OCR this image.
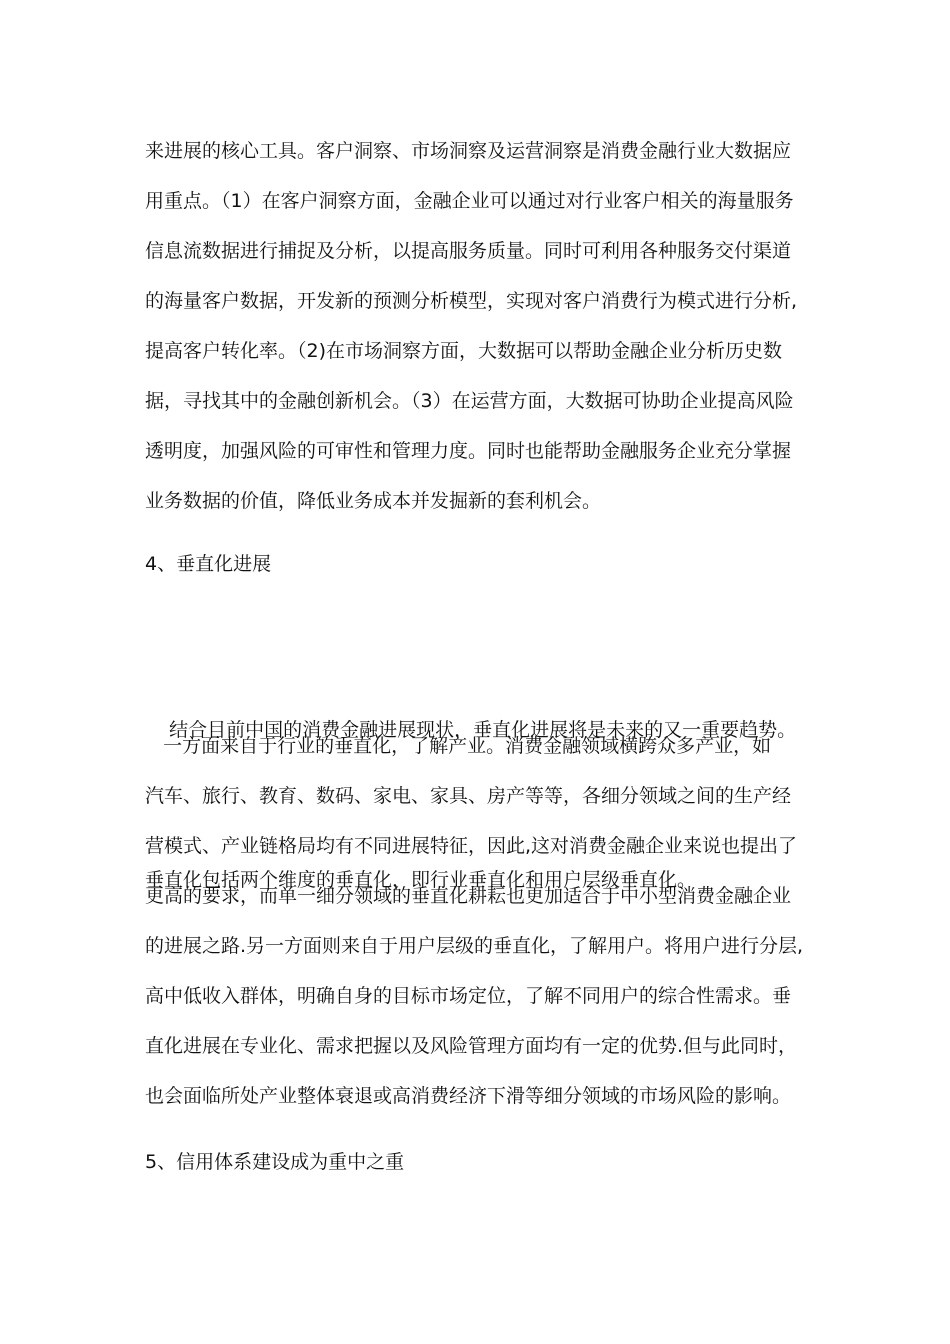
来进展的核心工具。客户洞察、市场洞察及运营洞察是消费金融行业大数据应
用重点。（1）在客户洞察方面，金融企业可以通过对行业客户相关的海量服务
信息流数据进行捕捉及分析，以提高服务质量。同时可利用各种服务交付渠道
的海量客户数据，开发新的预测分析模型，实现对客户消费行为模式进行分析,
提高客户转化率。（2)在市场洞察方面，大数据可以帮助金融企业分析历史数
据，寻找其中的金融创新机会。（3）在运营方面，大数据可协助企业提高风险
透明度，加强风险的可审性和管理力度。同时也能帮助金融服务企业充分掌握
业务数据的价值，降低业务成本并发掘新的套利机会。
4、垂直化进展

结合目前中国的消费金融进展现状，垂直化进展将是未来的又一重要趋势。

垂直化包括两个维度的垂直化，即行业垂直化和用户层级垂直化。

一方面来自于行业的垂直化，了解产业。消费金融领域横跨众多产业，如
汽车、旅行、教育、数码、家电、家具、房产等等，各细分领域之间的生产经
营模式、产业链格局均有不同进展特征，因此,这对消费金融企业来说也提出了
更高的要求，而单一细分领域的垂直化耕耘也更加适合于中小型消费金融企业
的进展之路.另一方面则来自于用户层级的垂直化，了解用户。将用户进行分层,
高中低收入群体，明确自身的目标市场定位，了解不同用户的综合性需求。垂
直化进展在专业化、需求把握以及风险管理方面均有一定的优势.但与此同时，
也会面临所处产业整体衰退或高消费经济下滑等细分领域的市场风险的影响。
5、信用体系建设成为重中之重
